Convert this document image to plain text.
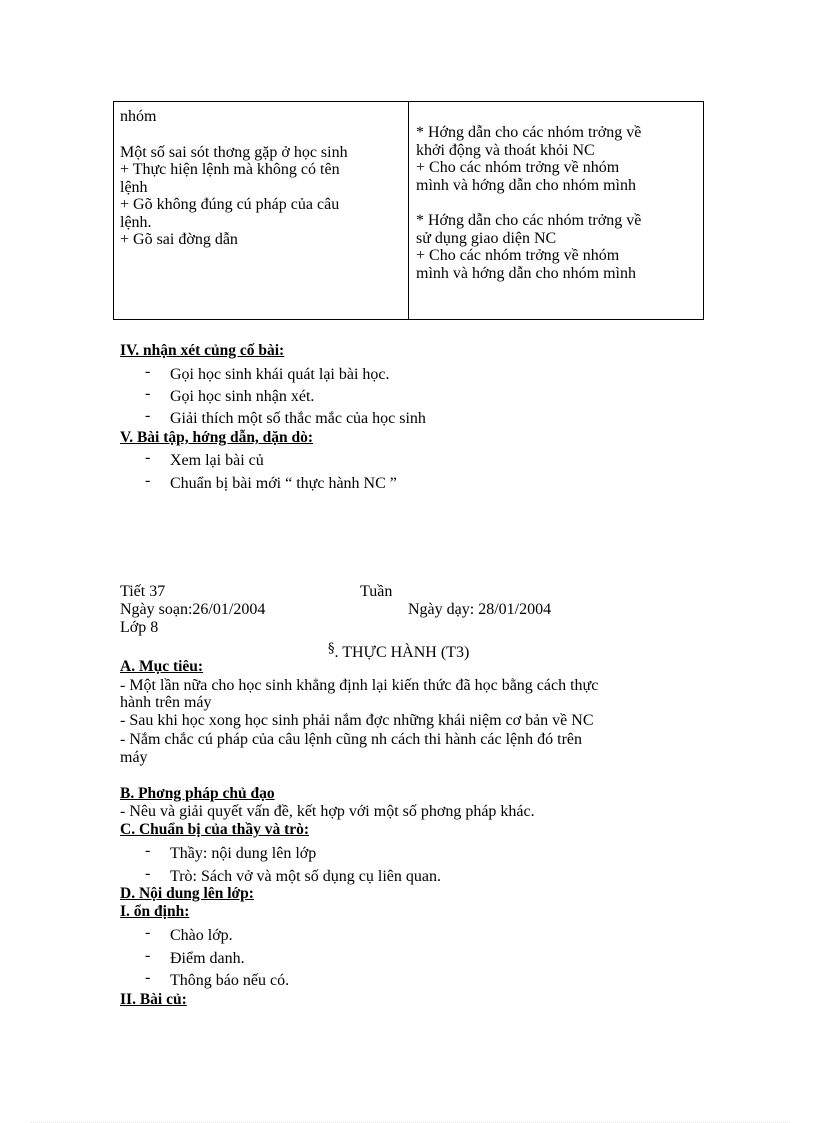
nhóm
Một số sai sót thơng gặp ở học sinh
+ Thực hiện lệnh mà không có tên
lệnh
+ Gõ không đúng cú pháp của câu
lệnh.
+ Gõ sai đờng dẫn
* Hớng dẫn cho các nhóm trởng về
khởi động và thoát khỏi NC
+ Cho các nhóm trởng về nhóm
mình và hớng dẫn cho nhóm mình
* Hớng dẫn cho các nhóm trởng về
sử dụng giao diện NC
+ Cho các nhóm trởng về nhóm
mình và hớng dẫn cho nhóm mình
IV. nhận xét củng cố bài:
- Gọi học sinh khái quát lại bài học.
- Gọi học sinh nhận xét.
- Giải thích một số thắc mắc của học sinh
V. Bài tập, hớng dẫn, dặn dò:
- Xem lại bài củ
- Chuẩn bị bài mới “ thực hành NC ”
Tiết 37	Tuần
Ngày soạn:26/01/2004	Ngày dạy: 28/01/2004
Lớp 8
§. THỰC HÀNH (T3)
A. Mục tiêu:
- Một lần nữa cho học sinh khẳng định lại kiến thức đã học bằng cách thực
hành trên máy
- Sau khi học xong học sinh phải nắm đợc những khái niệm cơ bản về NC
- Nắm chắc cú pháp của câu lệnh cũng nh cách thi hành các lệnh đó trên
máy
B. Phơng pháp chủ đạo
- Nêu và giải quyết vấn đề, kết hợp với một số phơng pháp khác.
C. Chuẩn bị của thầy và trò:
- Thầy: nội dung lên lớp
- Trò: Sách vở và một số dụng cụ liên quan.
D. Nội dung lên lớp:
I. ổn định:
- Chào lớp.
- Điểm danh.
- Thông báo nếu có.
II. Bài củ:
